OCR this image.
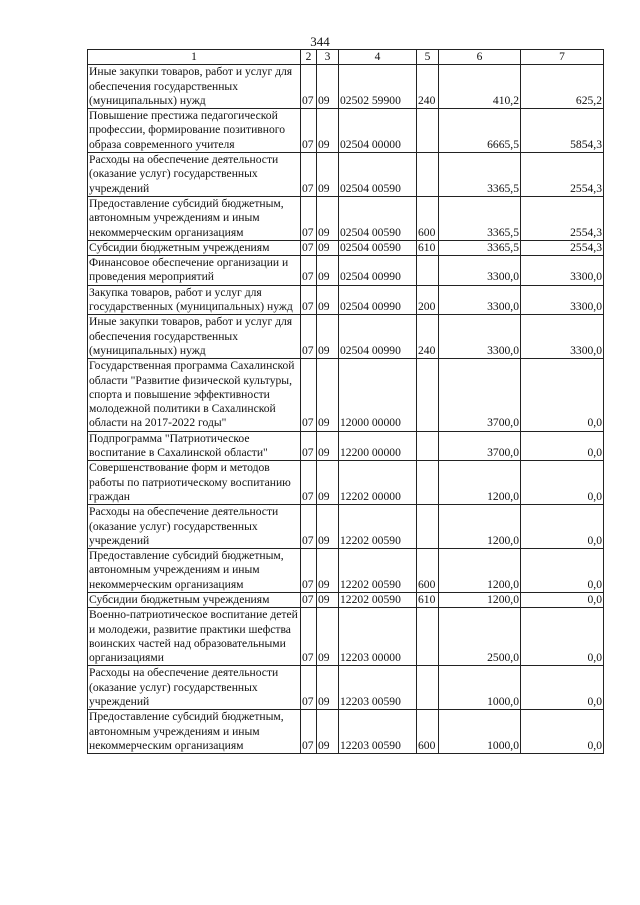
344
1	2	3	4	5	6	7
Иные закупки товаров, работ и услуг для обеспечения государственных (муниципальных) нужд	07	09	02502 59900	240	410,2	625,2
Повышение престижа педагогической профессии, формирование позитивного образа современного учителя	07	09	02504 00000		6665,5	5854,3
Расходы на обеспечение деятельности (оказание услуг) государственных учреждений	07	09	02504 00590		3365,5	2554,3
Предоставление субсидий бюджетным, автономным учреждениям и иным некоммерческим организациям	07	09	02504 00590	600	3365,5	2554,3
Субсидии бюджетным учреждениям	07	09	02504 00590	610	3365,5	2554,3
Финансовое обеспечение организации и проведения мероприятий	07	09	02504 00990		3300,0	3300,0
Закупка товаров, работ и услуг для государственных (муниципальных) нужд	07	09	02504 00990	200	3300,0	3300,0
Иные закупки товаров, работ и услуг для обеспечения государственных (муниципальных) нужд	07	09	02504 00990	240	3300,0	3300,0
Государственная программа Сахалинской области "Развитие физической культуры, спорта и повышение эффективности молодежной политики в Сахалинской области на 2017-2022 годы"	07	09	12000 00000		3700,0	0,0
Подпрограмма "Патриотическое воспитание в Сахалинской области"	07	09	12200 00000		3700,0	0,0
Совершенствование форм и методов работы по патриотическому воспитанию граждан	07	09	12202 00000		1200,0	0,0
Расходы на обеспечение деятельности (оказание услуг) государственных учреждений	07	09	12202 00590		1200,0	0,0
Предоставление субсидий бюджетным, автономным учреждениям и иным некоммерческим организациям	07	09	12202 00590	600	1200,0	0,0
Субсидии бюджетным учреждениям	07	09	12202 00590	610	1200,0	0,0
Военно-патриотическое воспитание детей и молодежи, развитие практики шефства воинских частей над образовательными организациями	07	09	12203 00000		2500,0	0,0
Расходы на обеспечение деятельности (оказание услуг) государственных учреждений	07	09	12203 00590		1000,0	0,0
Предоставление субсидий бюджетным, автономным учреждениям и иным некоммерческим организациям	07	09	12203 00590	600	1000,0	0,0
